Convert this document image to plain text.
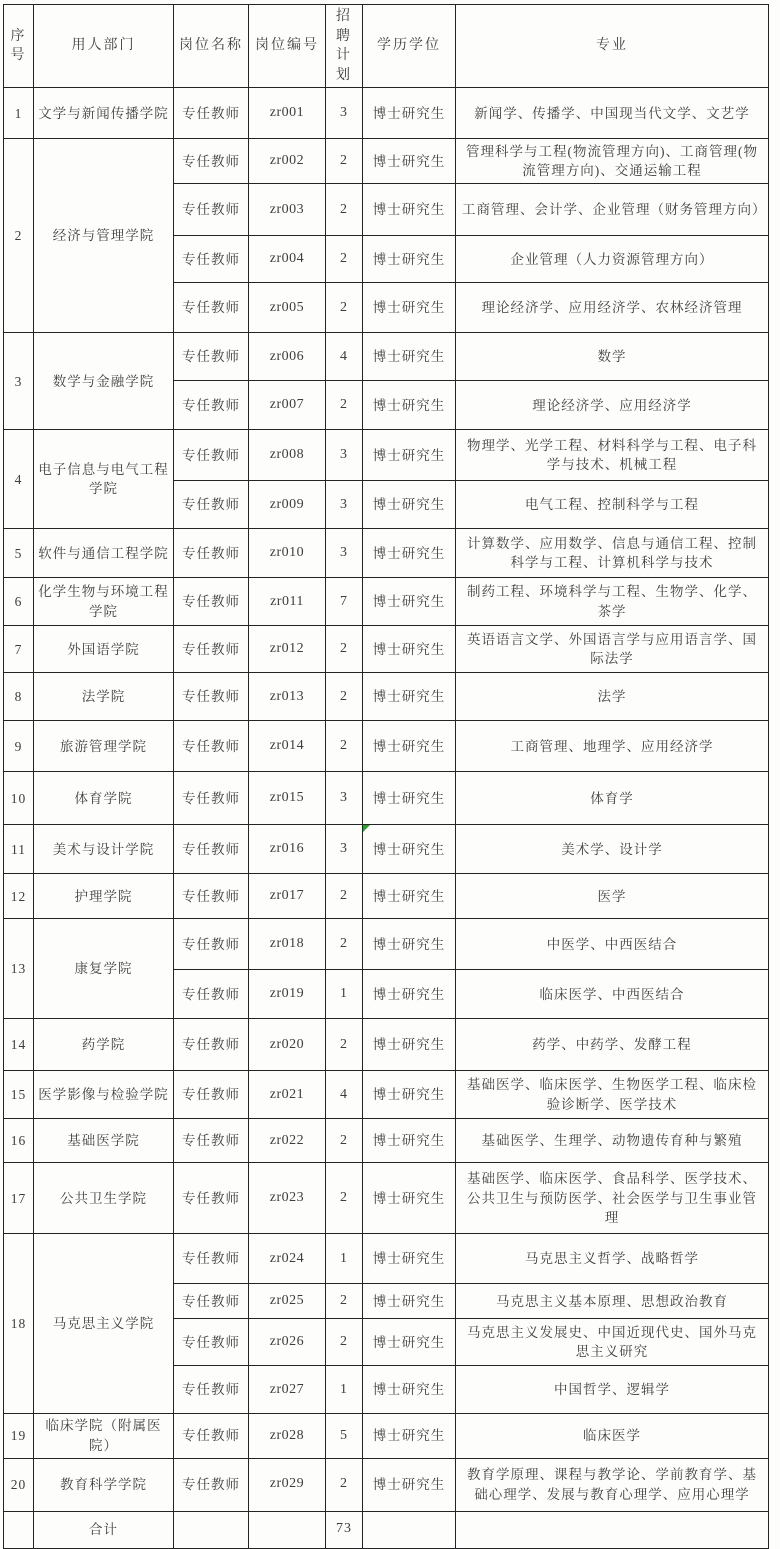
序号	用人部门	岗位名称	岗位编号	招聘计划	学历学位	专业
1	文学与新闻传播学院	专任教师	zr001	3	博士研究生	新闻学、传播学、中国现当代文学、文艺学
2	经济与管理学院	专任教师	zr002	2	博士研究生	管理科学与工程(物流管理方向)、工商管理(物流管理方向)、交通运输工程
		专任教师	zr003	2	博士研究生	工商管理、会计学、企业管理（财务管理方向）
		专任教师	zr004	2	博士研究生	企业管理（人力资源管理方向）
		专任教师	zr005	2	博士研究生	理论经济学、应用经济学、农林经济管理
3	数学与金融学院	专任教师	zr006	4	博士研究生	数学
		专任教师	zr007	2	博士研究生	理论经济学、应用经济学
4	电子信息与电气工程学院	专任教师	zr008	3	博士研究生	物理学、光学工程、材料科学与工程、电子科学与技术、机械工程
		专任教师	zr009	3	博士研究生	电气工程、控制科学与工程
5	软件与通信工程学院	专任教师	zr010	3	博士研究生	计算数学、应用数学、信息与通信工程、控制科学与工程、计算机科学与技术
6	化学生物与环境工程学院	专任教师	zr011	7	博士研究生	制药工程、环境科学与工程、生物学、化学、茶学
7	外国语学院	专任教师	zr012	2	博士研究生	英语语言文学、外国语言学与应用语言学、国际法学
8	法学院	专任教师	zr013	2	博士研究生	法学
9	旅游管理学院	专任教师	zr014	2	博士研究生	工商管理、地理学、应用经济学
10	体育学院	专任教师	zr015	3	博士研究生	体育学
11	美术与设计学院	专任教师	zr016	3	博士研究生	美术学、设计学
12	护理学院	专任教师	zr017	2	博士研究生	医学
13	康复学院	专任教师	zr018	2	博士研究生	中医学、中西医结合
		专任教师	zr019	1	博士研究生	临床医学、中西医结合
14	药学院	专任教师	zr020	2	博士研究生	药学、中药学、发酵工程
15	医学影像与检验学院	专任教师	zr021	4	博士研究生	基础医学、临床医学、生物医学工程、临床检验诊断学、医学技术
16	基础医学院	专任教师	zr022	2	博士研究生	基础医学、生理学、动物遗传育种与繁殖
17	公共卫生学院	专任教师	zr023	2	博士研究生	基础医学、临床医学、食品科学、医学技术、公共卫生与预防医学、社会医学与卫生事业管理
18	马克思主义学院	专任教师	zr024	1	博士研究生	马克思主义哲学、战略哲学
		专任教师	zr025	2	博士研究生	马克思主义基本原理、思想政治教育
		专任教师	zr026	2	博士研究生	马克思主义发展史、中国近现代史、国外马克思主义研究
		专任教师	zr027	1	博士研究生	中国哲学、逻辑学
19	临床学院（附属医院）	专任教师	zr028	5	博士研究生	临床医学
20	教育科学学院	专任教师	zr029	2	博士研究生	教育学原理、课程与教学论、学前教育学、基础心理学、发展与教育心理学、应用心理学
	合计			73		
